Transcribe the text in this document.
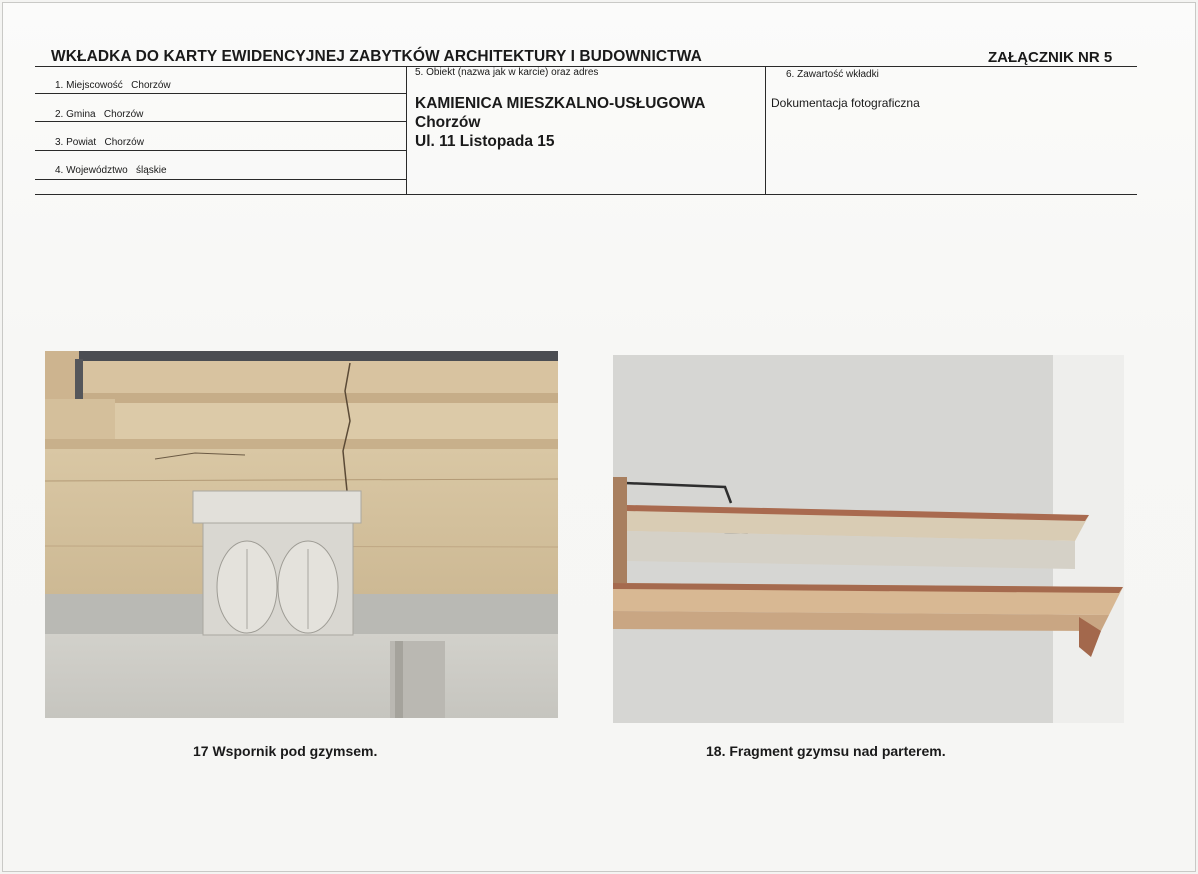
WKŁADKA DO KARTY EWIDENCYJNEJ ZABYTKÓW ARCHITEKTURY I BUDOWNICTWA	ZAŁĄCZNIK NR 5
1. Miejscowość Chorzów
2. Gmina Chorzów
3. Powiat Chorzów
4. Województwo śląskie
5. Obiekt (nazwa jak w karcie) oraz adres
KAMIENICA MIESZKALNO-USŁUGOWA
Chorzów
Ul. 11 Listopada 15
6. Zawartość wkładki
Dokumentacja fotograficzna
17 Wspornik pod gzymsem.	18. Fragment gzymsu nad parterem.
